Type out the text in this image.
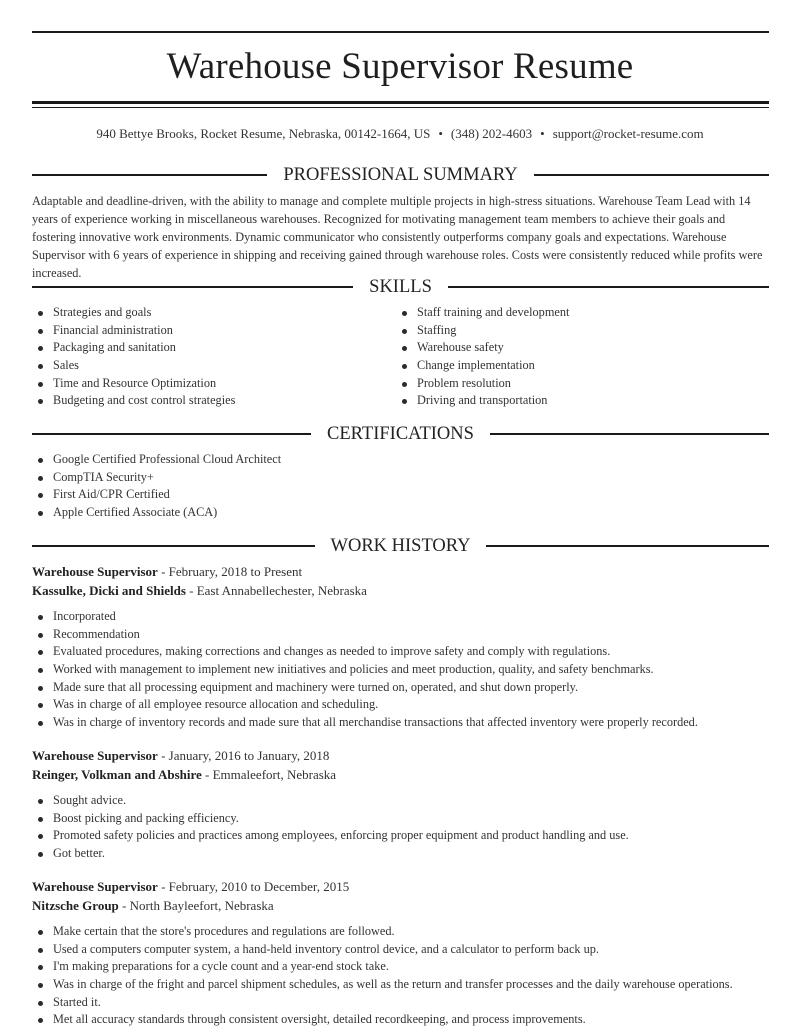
Warehouse Supervisor Resume
940 Bettye Brooks, Rocket Resume, Nebraska, 00142-1664, US • (348) 202-4603 • support@rocket-resume.com
PROFESSIONAL SUMMARY
Adaptable and deadline-driven, with the ability to manage and complete multiple projects in high-stress situations. Warehouse Team Lead with 14 years of experience working in miscellaneous warehouses. Recognized for motivating management team members to achieve their goals and fostering innovative work environments. Dynamic communicator who consistently outperforms company goals and expectations. Warehouse Supervisor with 6 years of experience in shipping and receiving gained through warehouse roles. Costs were consistently reduced while profits were increased.
SKILLS
Strategies and goals
Financial administration
Packaging and sanitation
Sales
Time and Resource Optimization
Budgeting and cost control strategies
Staff training and development
Staffing
Warehouse safety
Change implementation
Problem resolution
Driving and transportation
CERTIFICATIONS
Google Certified Professional Cloud Architect
CompTIA Security+
First Aid/CPR Certified
Apple Certified Associate (ACA)
WORK HISTORY
Warehouse Supervisor - February, 2018 to Present
Kassulke, Dicki and Shields - East Annabellechester, Nebraska
Incorporated
Recommendation
Evaluated procedures, making corrections and changes as needed to improve safety and comply with regulations.
Worked with management to implement new initiatives and policies and meet production, quality, and safety benchmarks.
Made sure that all processing equipment and machinery were turned on, operated, and shut down properly.
Was in charge of all employee resource allocation and scheduling.
Was in charge of inventory records and made sure that all merchandise transactions that affected inventory were properly recorded.
Warehouse Supervisor - January, 2016 to January, 2018
Reinger, Volkman and Abshire - Emmaleefort, Nebraska
Sought advice.
Boost picking and packing efficiency.
Promoted safety policies and practices among employees, enforcing proper equipment and product handling and use.
Got better.
Warehouse Supervisor - February, 2010 to December, 2015
Nitzsche Group - North Bayleefort, Nebraska
Make certain that the store's procedures and regulations are followed.
Used a computers computer system, a hand-held inventory control device, and a calculator to perform back up.
I'm making preparations for a cycle count and a year-end stock take.
Was in charge of the fright and parcel shipment schedules, as well as the return and transfer processes and the daily warehouse operations.
Started it.
Met all accuracy standards through consistent oversight, detailed recordkeeping, and process improvements.
